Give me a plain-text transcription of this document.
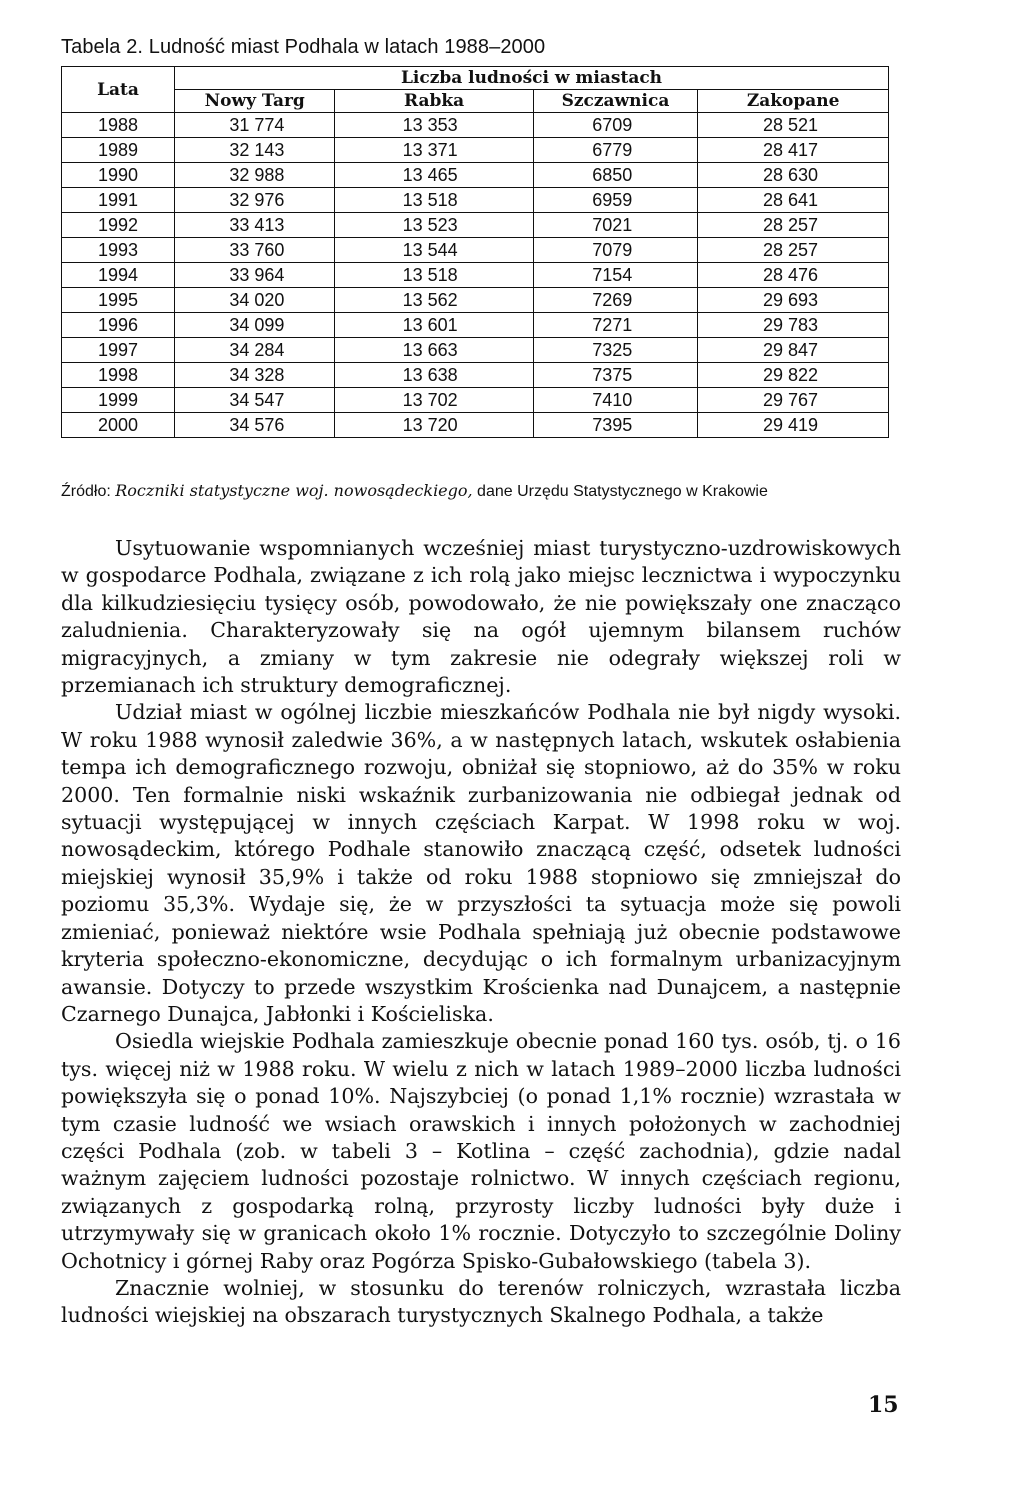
Tabela 2. Ludność miast Podhala w latach 1988–2000
Lata	Liczba ludności w miastach			
	Nowy Targ	Rabka	Szczawnica	Zakopane
1988	31 774	13 353	6709	28 521
1989	32 143	13 371	6779	28 417
1990	32 988	13 465	6850	28 630
1991	32 976	13 518	6959	28 641
1992	33 413	13 523	7021	28 257
1993	33 760	13 544	7079	28 257
1994	33 964	13 518	7154	28 476
1995	34 020	13 562	7269	29 693
1996	34 099	13 601	7271	29 783
1997	34 284	13 663	7325	29 847
1998	34 328	13 638	7375	29 822
1999	34 547	13 702	7410	29 767
2000	34 576	13 720	7395	29 419
Źródło: Roczniki statystyczne woj. nowosądeckiego, dane Urzędu Statystycznego w Krakowie

Usytuowanie wspomnianych wcześniej miast turystyczno-uzdrowiskowych w gospodarce Podhala, związane z ich rolą jako miejsc lecznictwa i wypoczynku dla kilkudziesięciu tysięcy osób, powodowało, że nie powiększały one znacząco zaludnienia. Charakteryzowały się na ogół ujemnym bilansem ruchów migracyjnych, a zmiany w tym zakresie nie odegrały większej roli w przemianach ich struktury demograficznej.

Udział miast w ogólnej liczbie mieszkańców Podhala nie był nigdy wysoki. W roku 1988 wynosił zaledwie 36%, a w następnych latach, wskutek osłabienia tempa ich demograficznego rozwoju, obniżał się stopniowo, aż do 35% w roku 2000. Ten formalnie niski wskaźnik zurbanizowania nie odbiegał jednak od sytuacji występującej w innych częściach Karpat. W 1998 roku w woj. nowosądeckim, którego Podhale stanowiło znaczącą część, odsetek ludności miejskiej wynosił 35,9% i także od roku 1988 stopniowo się zmniejszał do poziomu 35,3%. Wydaje się, że w przyszłości ta sytuacja może się powoli zmieniać, ponieważ niektóre wsie Podhala spełniają już obecnie podstawowe kryteria społeczno-ekonomiczne, decydując o ich formalnym urbanizacyjnym awansie. Dotyczy to przede wszystkim Krościenka nad Dunajcem, a następnie Czarnego Dunajca, Jabłonki i Kościeliska.

Osiedla wiejskie Podhala zamieszkuje obecnie ponad 160 tys. osób, tj. o 16 tys. więcej niż w 1988 roku. W wielu z nich w latach 1989–2000 liczba ludności powiększyła się o ponad 10%. Najszybciej (o ponad 1,1% rocznie) wzrastała w tym czasie ludność we wsiach orawskich i innych położonych w zachodniej części Podhala (zob. w tabeli 3 – Kotlina – część zachodnia), gdzie nadal ważnym zajęciem ludności pozostaje rolnictwo. W innych częściach regionu, związanych z gospodarką rolną, przyrosty liczby ludności były duże i utrzymywały się w granicach około 1% rocznie. Dotyczyło to szczególnie Doliny Ochotnicy i górnej Raby oraz Pogórza Spisko-Gubałowskiego (tabela 3).

Znacznie wolniej, w stosunku do terenów rolniczych, wzrastała liczba ludności wiejskiej na obszarach turystycznych Skalnego Podhala, a także

15
